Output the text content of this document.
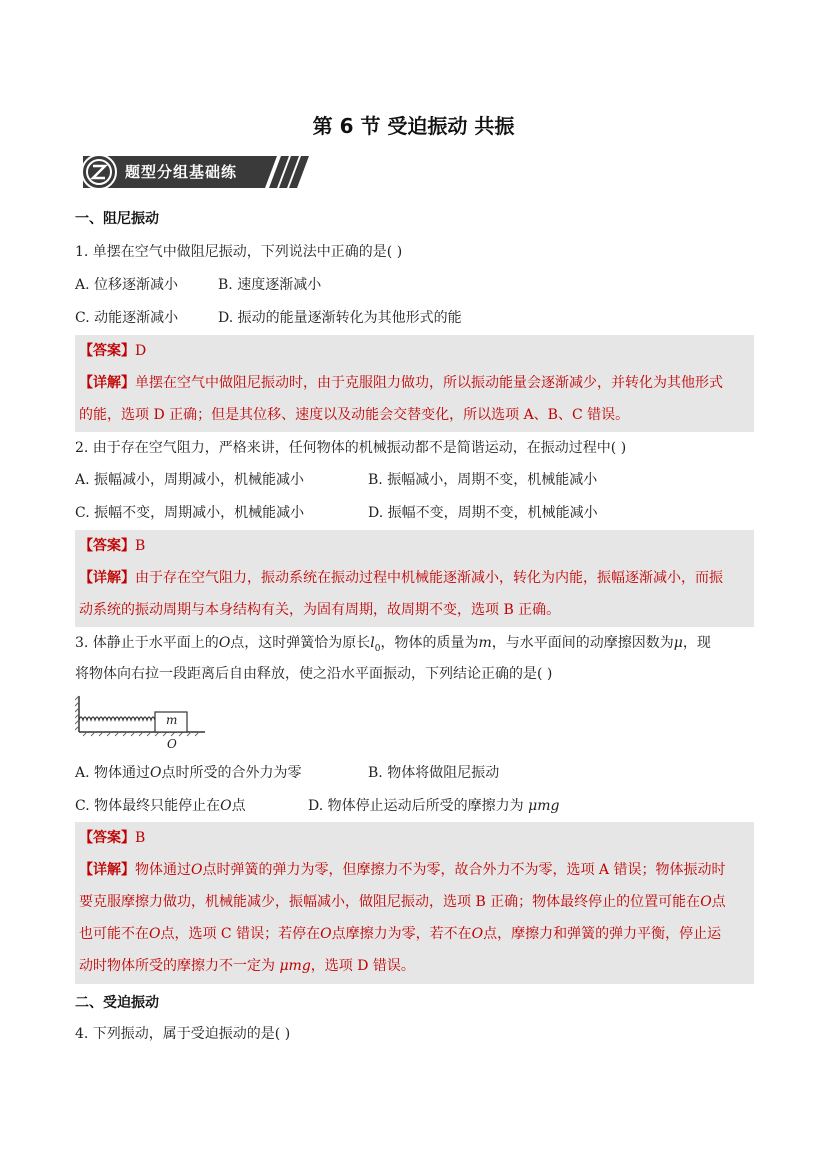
第 6 节 受迫振动 共振
题型分组基础练
一、阻尼振动
1. 单摆在空气中做阻尼振动，下列说法中正确的是( )
A. 位移逐渐减小	B. 速度逐渐减小
C. 动能逐渐减小	D. 振动的能量逐渐转化为其他形式的能
【答案】D
【详解】单摆在空气中做阻尼振动时，由于克服阻力做功，所以振动能量会逐渐减少，并转化为其他形式
的能，选项 D 正确；但是其位移、速度以及动能会交替变化，所以选项 A、B、C 错误。
2. 由于存在空气阻力，严格来讲，任何物体的机械振动都不是简谐运动，在振动过程中( )
A. 振幅减小，周期减小，机械能减小	B. 振幅减小，周期不变，机械能减小
C. 振幅不变，周期减小，机械能减小	D. 振幅不变，周期不变，机械能减小
【答案】B
【详解】由于存在空气阻力，振动系统在振动过程中机械能逐渐减小，转化为内能，振幅逐渐减小，而振
动系统的振动周期与本身结构有关，为固有周期，故周期不变，选项 B 正确。
3. 体静止于水平面上的O点，这时弹簧恰为原长$l_0$，物体的质量为m，与水平面间的动摩擦因数为μ，现
将物体向右拉一段距离后自由释放，使之沿水平面振动，下列结论正确的是( )
m
O
A. 物体通过O点时所受的合外力为零	B. 物体将做阻尼振动
C. 物体最终只能停止在O点	D. 物体停止运动后所受的摩擦力为 μmg
【答案】B
【详解】物体通过O点时弹簧的弹力为零，但摩擦力不为零，故合外力不为零，选项 A 错误；物体振动时
要克服摩擦力做功，机械能减少，振幅减小，做阻尼振动，选项 B 正确；物体最终停止的位置可能在O点
也可能不在O点，选项 C 错误；若停在O点摩擦力为零，若不在O点，摩擦力和弹簧的弹力平衡，停止运
动时物体所受的摩擦力不一定为 μmg，选项 D 错误。
二、受迫振动
4. 下列振动，属于受迫振动的是( )
